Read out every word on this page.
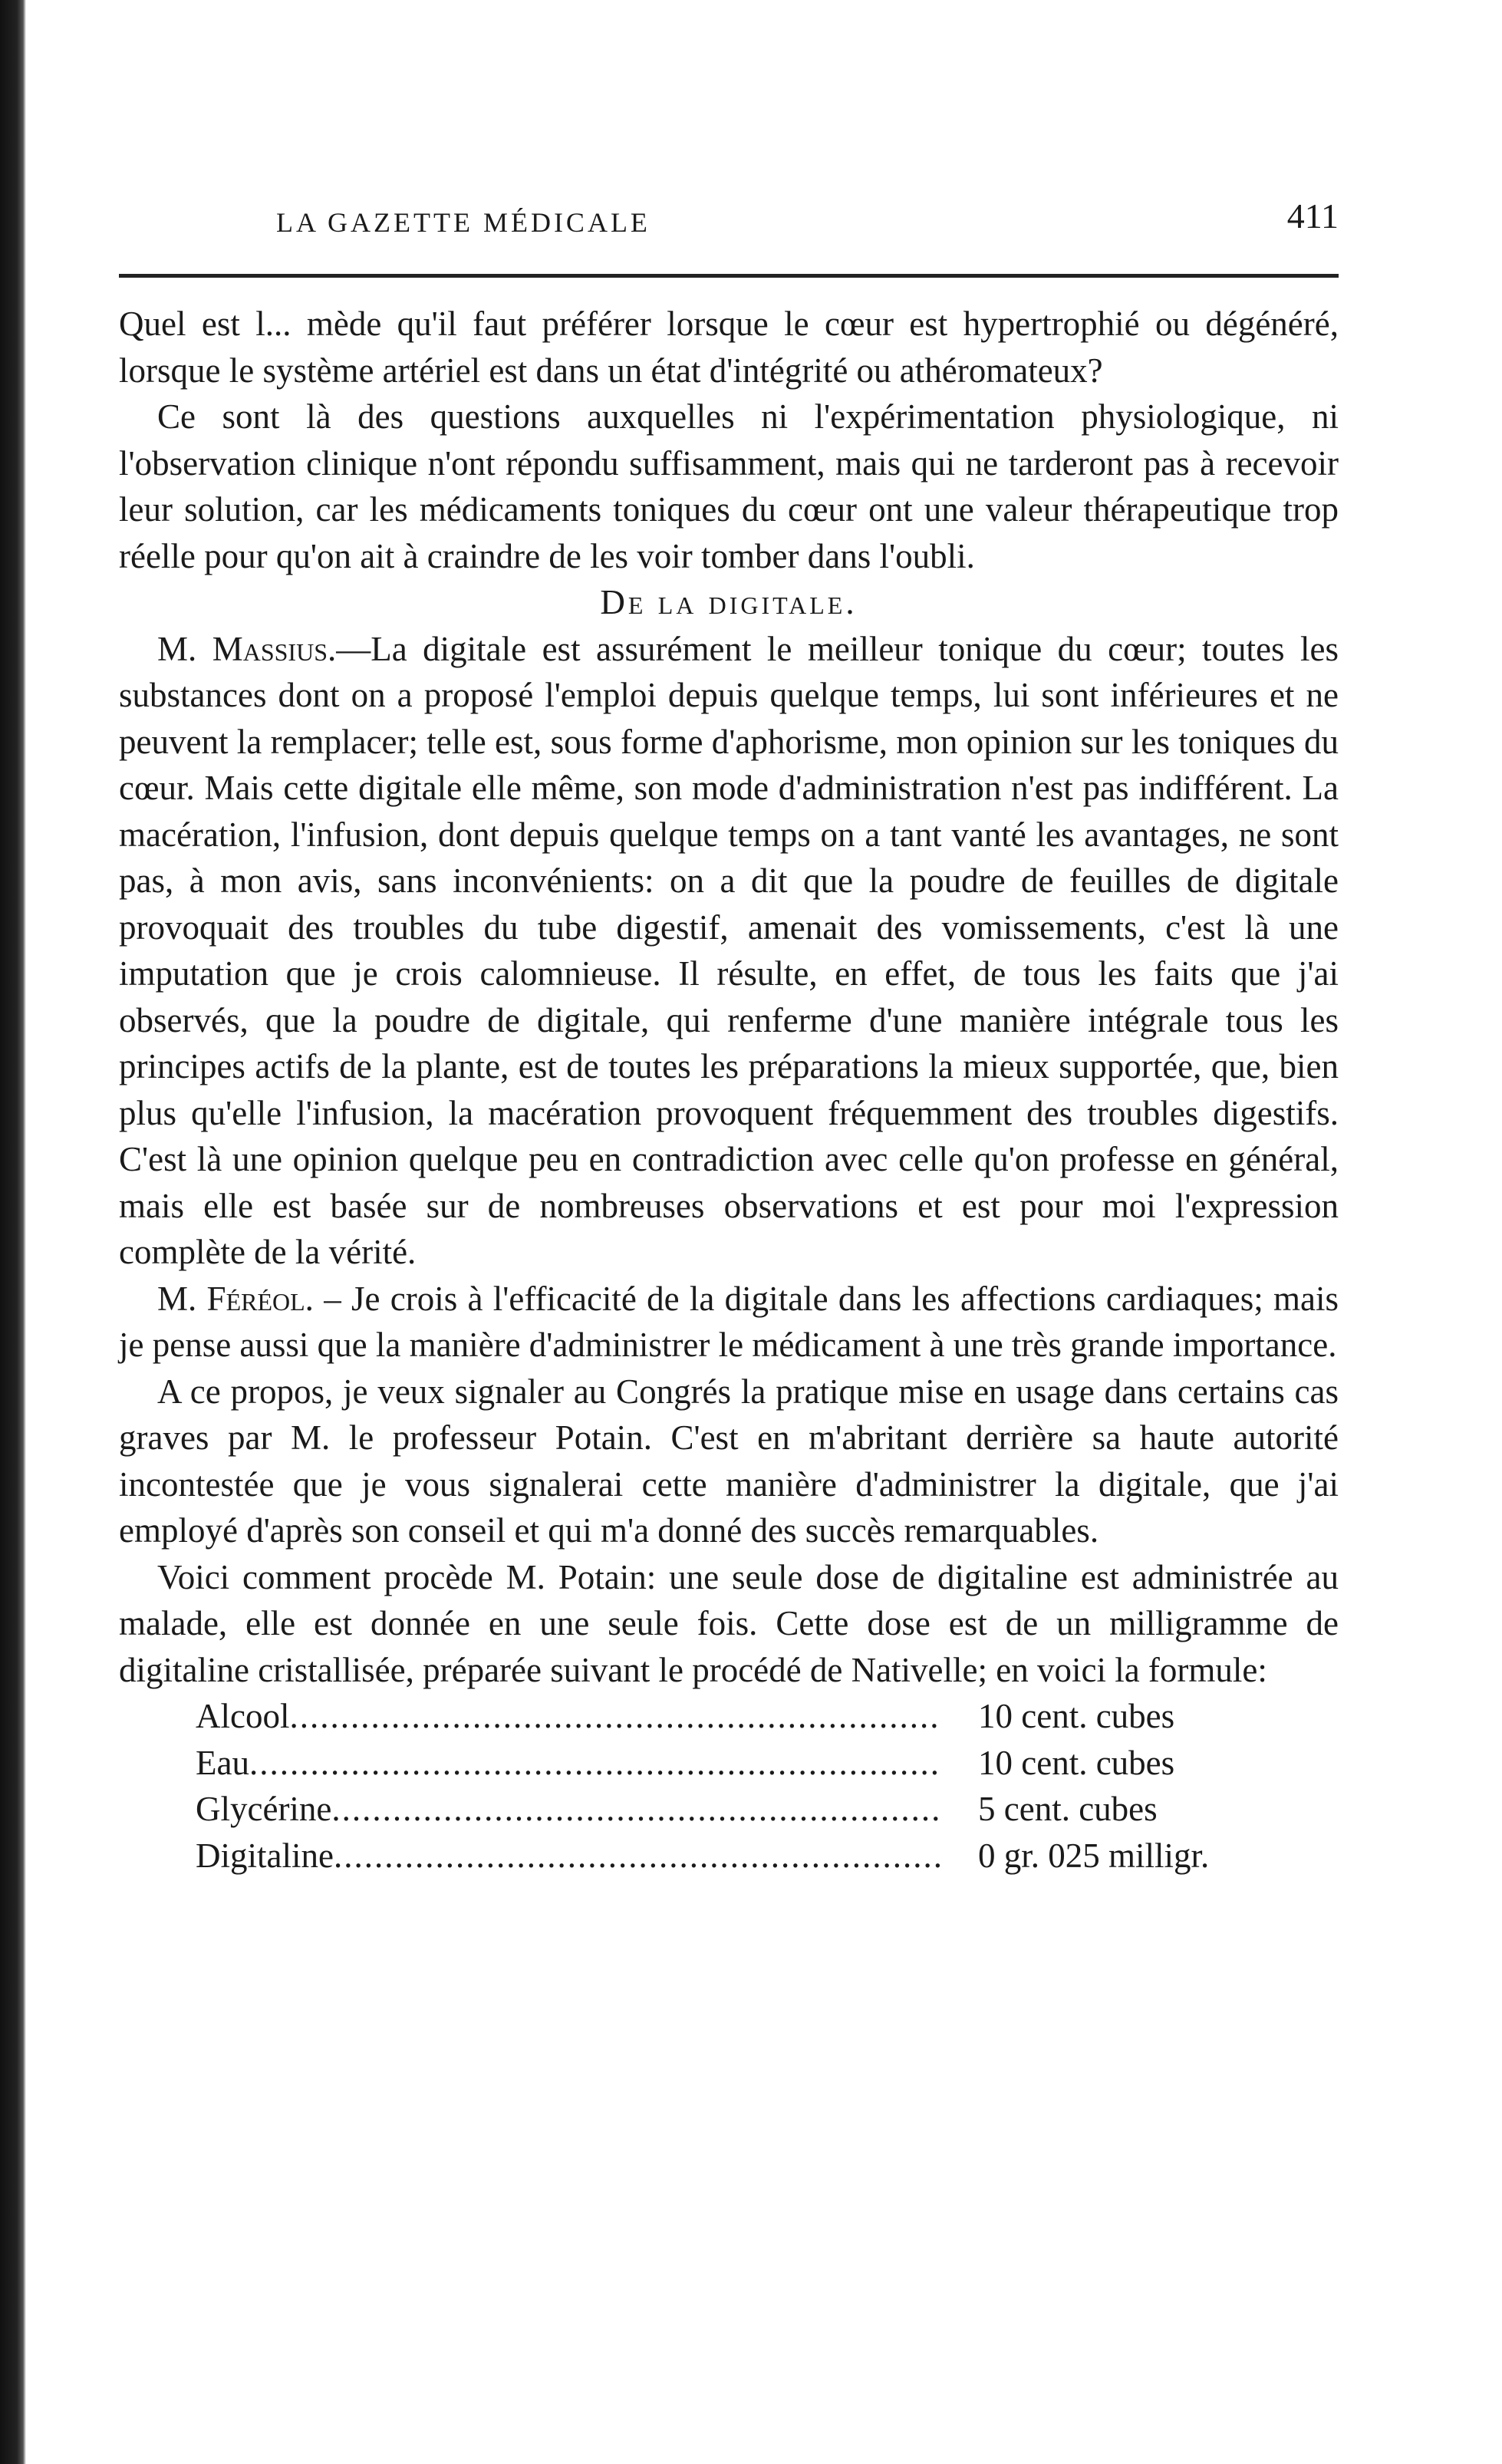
LA GAZETTE MÉDICALE	411

Quel est l... mède qu'il faut préférer lorsque le cœur est hypertrophié ou dégénéré, lorsque le système artériel est dans un état d'intégrité ou athéromateux?

Ce sont là des questions auxquelles ni l'expérimentation physiologique, ni l'observation clinique n'ont répondu suffisamment, mais qui ne tarderont pas à recevoir leur solution, car les médicaments toniques du cœur ont une valeur thérapeutique trop réelle pour qu'on ait à craindre de les voir tomber dans l'oubli.

De la digitale.

M. Massius.—La digitale est assurément le meilleur tonique du cœur; toutes les substances dont on a proposé l'emploi depuis quelque temps, lui sont inférieures et ne peuvent la remplacer; telle est, sous forme d'aphorisme, mon opinion sur les toniques du cœur. Mais cette digitale elle même, son mode d'administration n'est pas indifférent. La macération, l'infusion, dont depuis quelque temps on a tant vanté les avantages, ne sont pas, à mon avis, sans inconvénients: on a dit que la poudre de feuilles de digitale provoquait des troubles du tube digestif, amenait des vomissements, c'est là une imputation que je crois calomnieuse. Il résulte, en effet, de tous les faits que j'ai observés, que la poudre de digitale, qui renferme d'une manière intégrale tous les principes actifs de la plante, est de toutes les préparations la mieux supportée, que, bien plus qu'elle l'infusion, la macération provoquent fréquemment des troubles digestifs. C'est là une opinion quelque peu en contradiction avec celle qu'on professe en général, mais elle est basée sur de nombreuses observations et est pour moi l'expression complète de la vérité.

M. Féréol. – Je crois à l'efficacité de la digitale dans les affections cardiaques; mais je pense aussi que la manière d'administrer le médicament à une très grande importance.

A ce propos, je veux signaler au Congrés la pratique mise en usage dans certains cas graves par M. le professeur Potain. C'est en m'abritant derrière sa haute autorité incontestée que je vous signalerai cette manière d'administrer la digitale, que j'ai employé d'après son conseil et qui m'a donné des succès remarquables.

Voici comment procède M. Potain: une seule dose de digitaline est administrée au malade, elle est donnée en une seule fois. Cette dose est de un milligramme de digitaline cristallisée, préparée suivant le procédé de Nativelle; en voici la formule:

Alcool .....	10 cent. cubes
Eau .....	10 cent. cubes
Glycérine .....	5 cent. cubes
Digitaline .....	0 gr. 025 milligr.
